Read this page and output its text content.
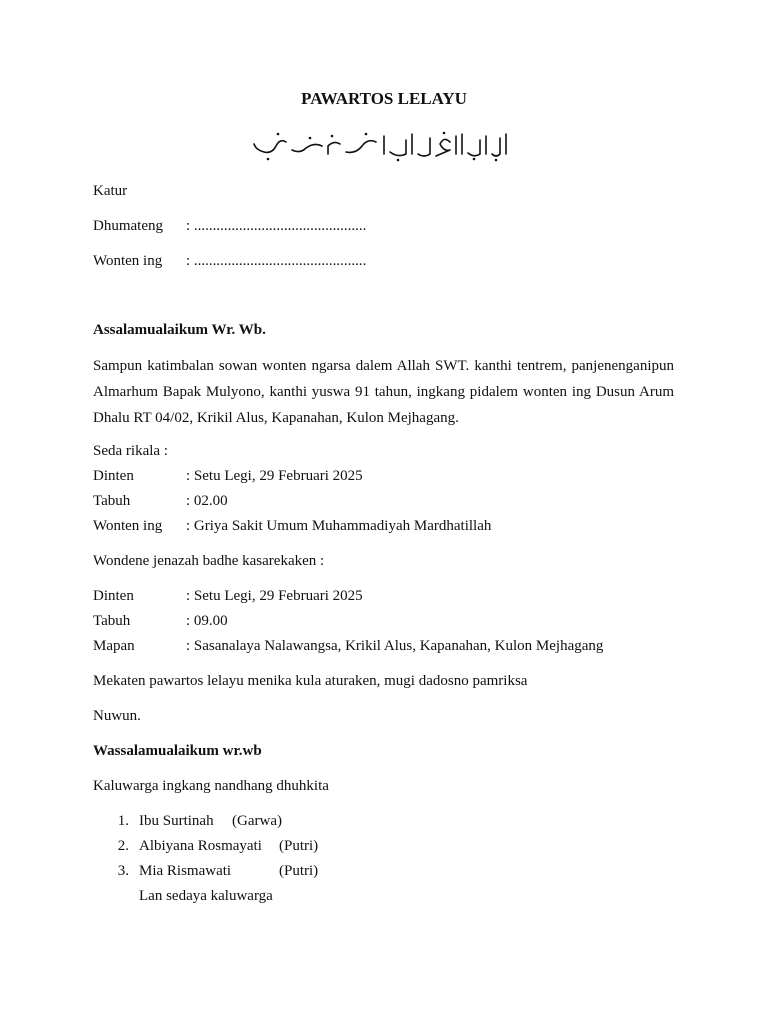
PAWARTOS LELAYU
Katur
Dhumateng : ..............................................
Wonten ing : ..............................................
Assalamualaikum Wr. Wb.
Sampun katimbalan sowan wonten ngarsa dalem Allah SWT. kanthi tentrem, panjenenganipun Almarhum Bapak Mulyono, kanthi yuswa 91 tahun, ingkang pidalem wonten ing Dusun Arum Dhalu RT 04/02, Krikil Alus, Kapanahan, Kulon Mejhagang.
Seda rikala :
Dinten	: Setu Legi, 29 Februari 2025
Tabuh	: 02.00
Wonten ing : Griya Sakit Umum Muhammadiyah Mardhatillah
Wondene jenazah badhe kasarekaken :
Dinten	: Setu Legi, 29 Februari 2025
Tabuh	: 09.00
Mapan	: Sasanalaya Nalawangsa, Krikil Alus, Kapanahan, Kulon Mejhagang
Mekaten pawartos lelayu menika kula aturaken, mugi dadosno pamriksa
Nuwun.
Wassalamualaikum wr.wb
Kaluwarga ingkang nandhang dhuhkita
1. Ibu Surtinah (Garwa)
2. Albiyana Rosmayati (Putri)
3. Mia Rismawati	(Putri)
Lan sedaya kaluwarga
